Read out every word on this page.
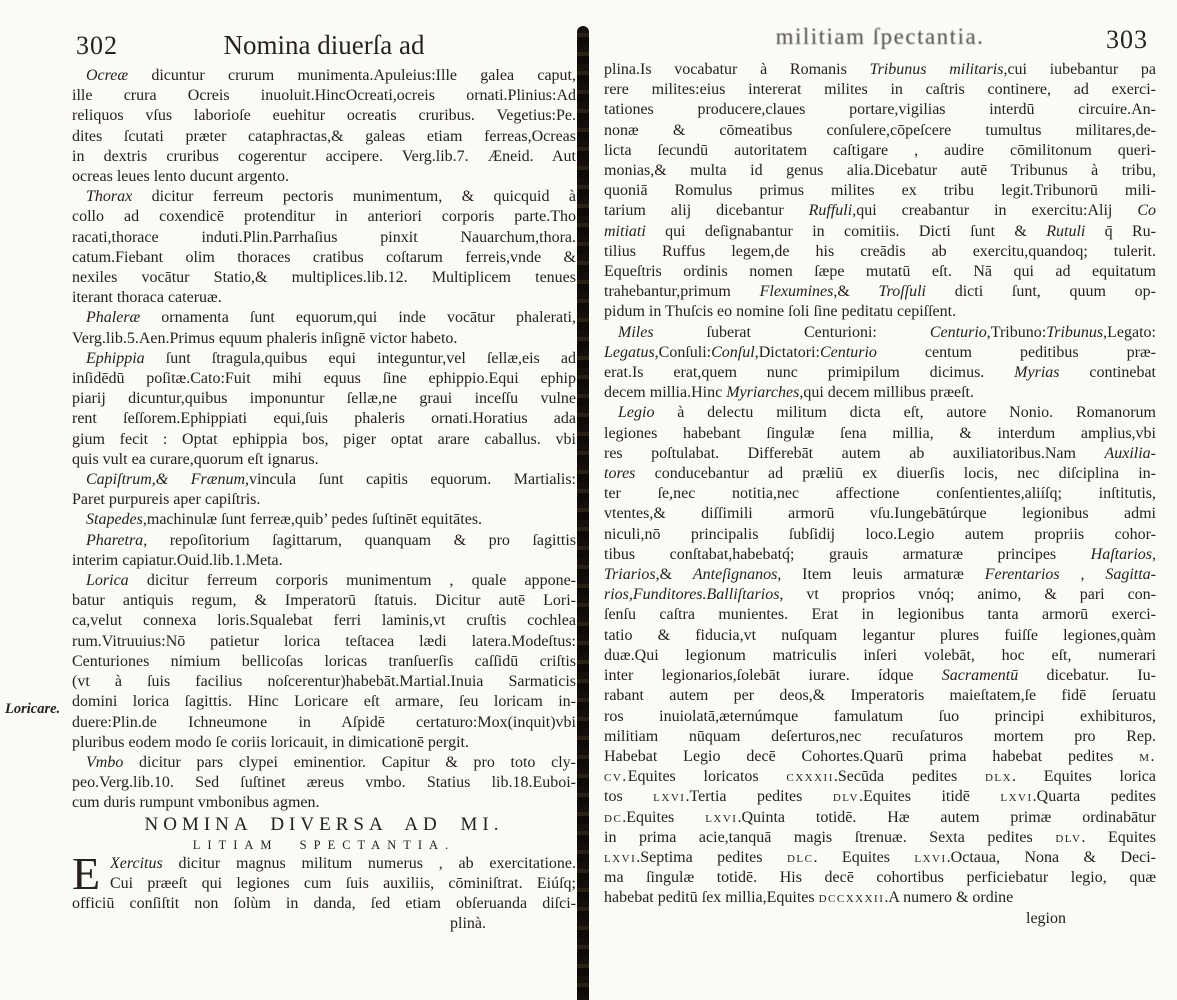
302	Nomina diuerſa ad
Ocreæ dicuntur crurum munimenta.Apuleius:Ille galea caput,
ille crura Ocreis inuoluit.HincOcreati,ocreis ornati.Plinius:Ad
reliquos vſus laborioſe euehitur ocreatis cruribus. Vegetius:Pe.
dites ſcutati præter cataphractas,& galeas etiam ferreas,Ocreas
in dextris cruribus cogerentur accipere. Verg.lib.7. Æneid. Aut
ocreas leues lento ducunt argento.
Thorax dicitur ferreum pectoris munimentum, & quicquid à
collo ad coxendicē protenditur in anteriori corporis parte.Tho
racati,thorace induti.Plin.Parrhaſius pinxit Nauarchum,thora.
catum.Fiebant olim thoraces cratibus coſtarum ferreis,vnde &
nexiles vocātur Statio,& multiplices.lib.12. Multiplicem tenues
iterant thoraca cateruæ.
Phaleræ ornamenta ſunt equorum,qui inde vocātur phalerati,
Verg.lib.5.Aen.Primus equum phaleris inſignē victor habeto.
Ephippia ſunt ſtragula,quibus equi integuntur,vel ſellæ,eis ad
inſidēdū poſitæ.Cato:Fuit mihi equus ſine ephippio.Equi ephip
piarij dicuntur,quibus imponuntur ſellæ,ne graui inceſſu vulne
rent ſeſſorem.Ephippiati equi,ſuis phaleris ornati.Horatius ada
gium fecit : Optat ephippia bos, piger optat arare caballus. vbi
quis vult ea curare,quorum eſt ignarus.
Capiſtrum,& Frænum,vincula ſunt capitis equorum. Martialis:
Paret purpureis aper capiſtris.
Stapedes,machinulæ ſunt ferreæ,quib’ pedes ſuſtinēt equitātes.
Pharetra, repoſitorium ſagittarum, quanquam & pro ſagittis
interim capiatur.Ouid.lib.1.Meta.
Lorica dicitur ferreum corporis munimentum , quale appone-
batur antiquis regum, & Imperatorū ſtatuis. Dicitur autē Lori-
ca,velut connexa loris.Squalebat ferri laminis,vt cruſtis cochlea
rum.Vitruuius:Nō patietur lorica teſtacea lædi latera.Modeſtus:
Centuriones nimium bellicoſas loricas tranſuerſis caſſidū criſtis
(vt à ſuis facilius noſcerentur)habebāt.Martial.Inuia Sarmaticis
domini lorica ſagittis. Hinc Loricare eſt armare, ſeu loricam in-
duere:Plin.de Ichneumone in Aſpidē certaturo:Mox(inquit)vbi
pluribus eodem modo ſe coriis loricauit, in dimicationē pergit.
Vmbo dicitur pars clypei eminentior. Capitur & pro toto cly-
peo.Verg.lib.10. Sed ſuſtinet æreus vmbo. Statius lib.18.Euboi-
cum duris rumpunt vmbonibus agmen.
NOMINA DIVERSA AD MI.
LITIAM SPECTANTIA.
E Xercitus dicitur magnus militum numerus , ab exercitatione.
Cui præeſt qui legiones cum ſuis auxiliis, cōminiſtrat. Eiúſq;
officiū conſiſtit non ſolùm in danda, ſed etiam obſeruanda diſci-
plinà.
Loricare.
militiam ſpectantia.	303
plina.Is vocabatur à Romanis Tribunus militaris,cui iubebantur pa
rere milites:eius intererat milites in caſtris continere, ad exerci-
tationes producere,claues portare,vigilias interdū circuire.An-
nonæ & cōmeatibus conſulere,cōpeſcere tumultus militares,de-
licta ſecundū autoritatem caſtigare , audire cōmilitonum queri-
monias,& multa id genus alia.Dicebatur autē Tribunus à tribu,
quoniā Romulus primus milites ex tribu legit.Tribunorū mili-
tarium alij dicebantur Ruffuli,qui creabantur in exercitu:Alij Co
mitiati qui deſignabantur in comitiis. Dicti ſunt & Rutuli q̄ Ru-
tilius Ruffus legem,de his creādis ab exercitu,quandoq; tulerit.
Equeſtris ordinis nomen ſæpe mutatū eſt. Nā qui ad equitatum
trahebantur,primum Flexumines,& Troſſuli dicti ſunt, quum op-
pidum in Thuſcis eo nomine ſoli ſine peditatu cepiſſent.
Miles ſuberat Centurioni: Centurio,Tribuno:Tribunus,Legato:
Legatus,Conſuli:Conſul,Dictatori:Centurio centum peditibus præ-
erat.Is erat,quem nunc primipilum dicimus. Myrias continebat
decem millia.Hinc Myriarches,qui decem millibus præeſt.
Legio à delectu militum dicta eſt, autore Nonio. Romanorum
legiones habebant ſingulæ ſena millia, & interdum amplius,vbi
res poſtulabat. Differebāt autem ab auxiliatoribus.Nam Auxilia-
tores conducebantur ad præliū ex diuerſis locis, nec diſciplina in-
ter ſe,nec notitia,nec affectione conſentientes,aliíſq; inſtitutis,
vtentes,& diſſimili armorū vſu.Iungebātúrque legionibus admi
niculi,nō principalis ſubſidij loco.Legio autem propriis cohor-
tibus conſtabat,habebatq́; grauis armaturæ principes Haſtarios,
Triarios,& Anteſignanos, Item leuis armaturæ Ferentarios , Sagitta-
rios,Funditores.Balliſtarios, vt proprios vnóq; animo, & pari con-
ſenſu caſtra munientes. Erat in legionibus tanta armorū exerci-
tatio & fiducia,vt nuſquam legantur plures fuiſſe legiones,quàm
duæ.Qui legionum matriculis inſeri volebāt, hoc eſt, numerari
inter legionarios,ſolebāt iurare. ídque Sacramentū dicebatur. Iu-
rabant autem per deos,& Imperatoris maieſtatem,ſe fidē ſeruatu
ros inuiolatā,æternúmque famulatum ſuo principi exhibituros,
militiam nūquam deſerturos,nec recuſaturos mortem pro Rep.
Habebat Legio decē Cohortes.Quarū prima habebat pedites m.
cv.Equites loricatos cxxxii.Secūda pedites dlx. Equites lorica
tos lxvi.Tertia pedites dlv.Equites itidē lxvi.Quarta pedites
dc.Equites lxvi.Quinta totidē. Hæ autem primæ ordinabātur
in prima acie,tanquā magis ſtrenuæ. Sexta pedites dlv. Equites
lxvi.Septima pedites dlc. Equites lxvi.Octaua, Nona & Deci-
ma ſingulæ totidē. His decē cohortibus perficiebatur legio, quæ
habebat peditū ſex millia,Equites dccxxxii.A numero & ordine
legion
